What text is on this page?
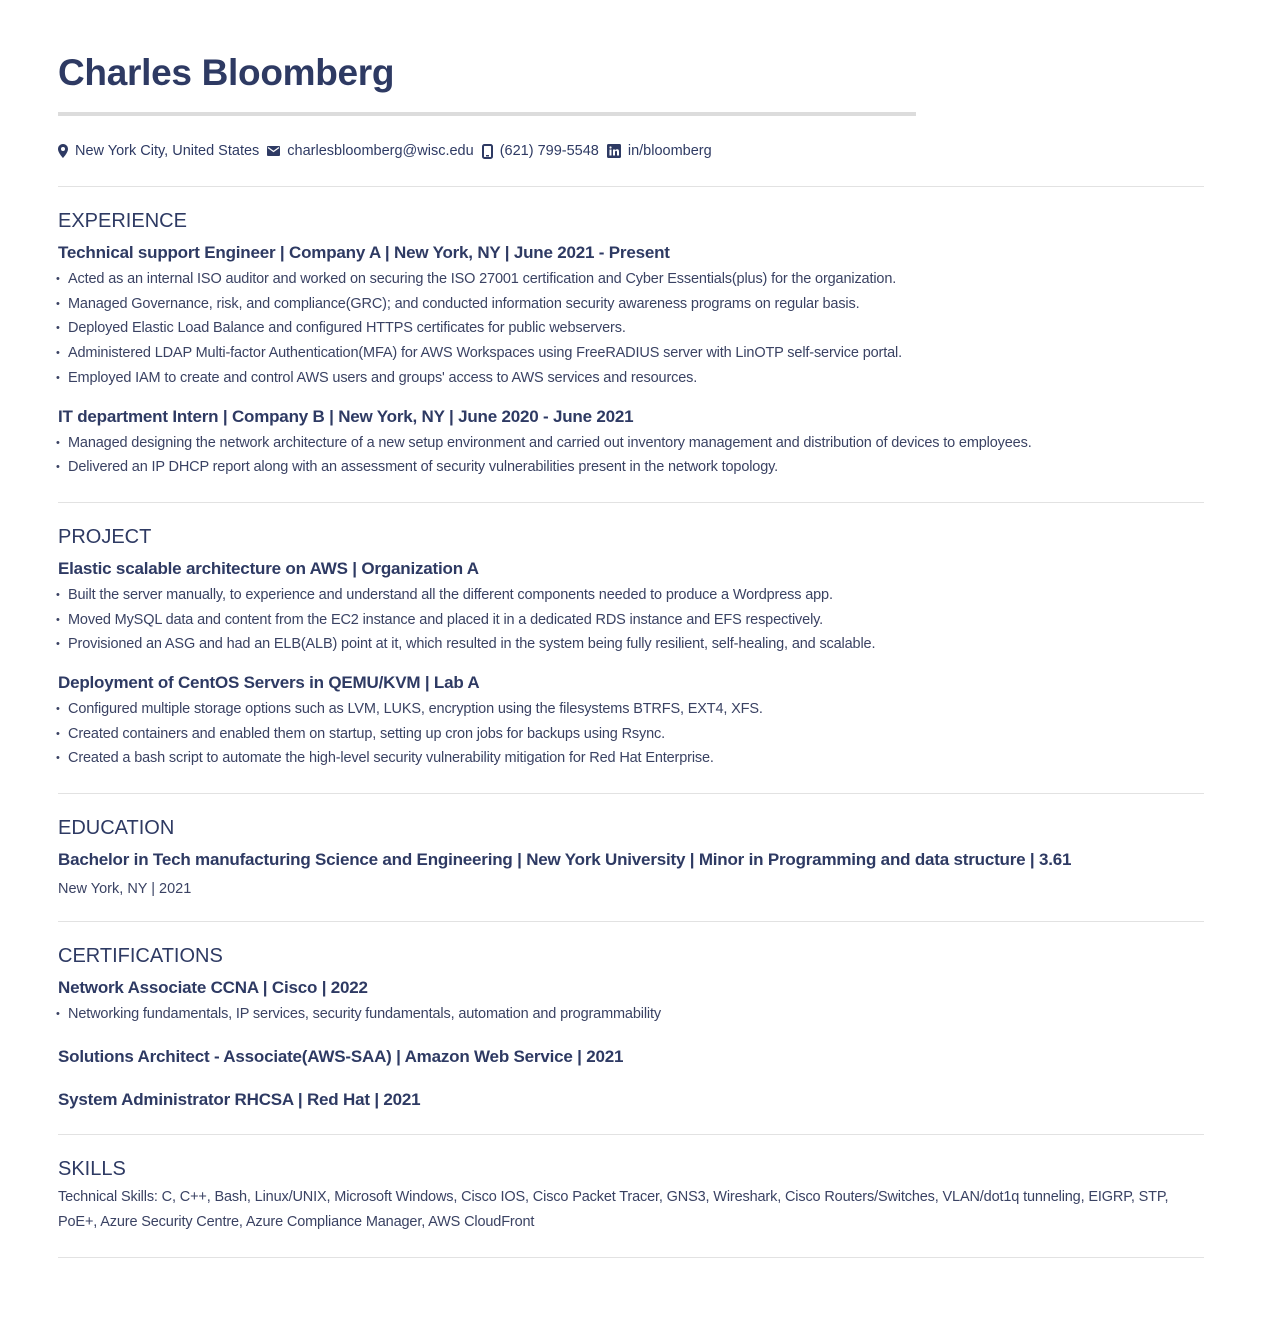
Charles Bloomberg
New York City, United States charlesbloomberg@wisc.edu (621) 799-5548 in/bloomberg
EXPERIENCE
Technical support Engineer | Company A | New York, NY | June 2021 - Present
• Acted as an internal ISO auditor and worked on securing the ISO 27001 certification and Cyber Essentials(plus) for the organization.
• Managed Governance, risk, and compliance(GRC); and conducted information security awareness programs on regular basis.
• Deployed Elastic Load Balance and configured HTTPS certificates for public webservers.
• Administered LDAP Multi-factor Authentication(MFA) for AWS Workspaces using FreeRADIUS server with LinOTP self-service portal.
• Employed IAM to create and control AWS users and groups' access to AWS services and resources.
IT department Intern | Company B | New York, NY | June 2020 - June 2021
• Managed designing the network architecture of a new setup environment and carried out inventory management and distribution of devices to employees.
• Delivered an IP DHCP report along with an assessment of security vulnerabilities present in the network topology.
PROJECT
Elastic scalable architecture on AWS | Organization A
• Built the server manually, to experience and understand all the different components needed to produce a Wordpress app.
• Moved MySQL data and content from the EC2 instance and placed it in a dedicated RDS instance and EFS respectively.
• Provisioned an ASG and had an ELB(ALB) point at it, which resulted in the system being fully resilient, self-healing, and scalable.
Deployment of CentOS Servers in QEMU/KVM | Lab A
• Configured multiple storage options such as LVM, LUKS, encryption using the filesystems BTRFS, EXT4, XFS.
• Created containers and enabled them on startup, setting up cron jobs for backups using Rsync.
• Created a bash script to automate the high-level security vulnerability mitigation for Red Hat Enterprise.
EDUCATION
Bachelor in Tech manufacturing Science and Engineering | New York University | Minor in Programming and data structure | 3.61
New York, NY | 2021
CERTIFICATIONS
Network Associate CCNA | Cisco | 2022
• Networking fundamentals, IP services, security fundamentals, automation and programmability
Solutions Architect - Associate(AWS-SAA) | Amazon Web Service | 2021
System Administrator RHCSA | Red Hat | 2021
SKILLS
Technical Skills: C, C++, Bash, Linux/UNIX, Microsoft Windows, Cisco IOS, Cisco Packet Tracer, GNS3, Wireshark, Cisco Routers/Switches, VLAN/dot1q tunneling, EIGRP, STP, PoE+, Azure Security Centre, Azure Compliance Manager, AWS CloudFront
